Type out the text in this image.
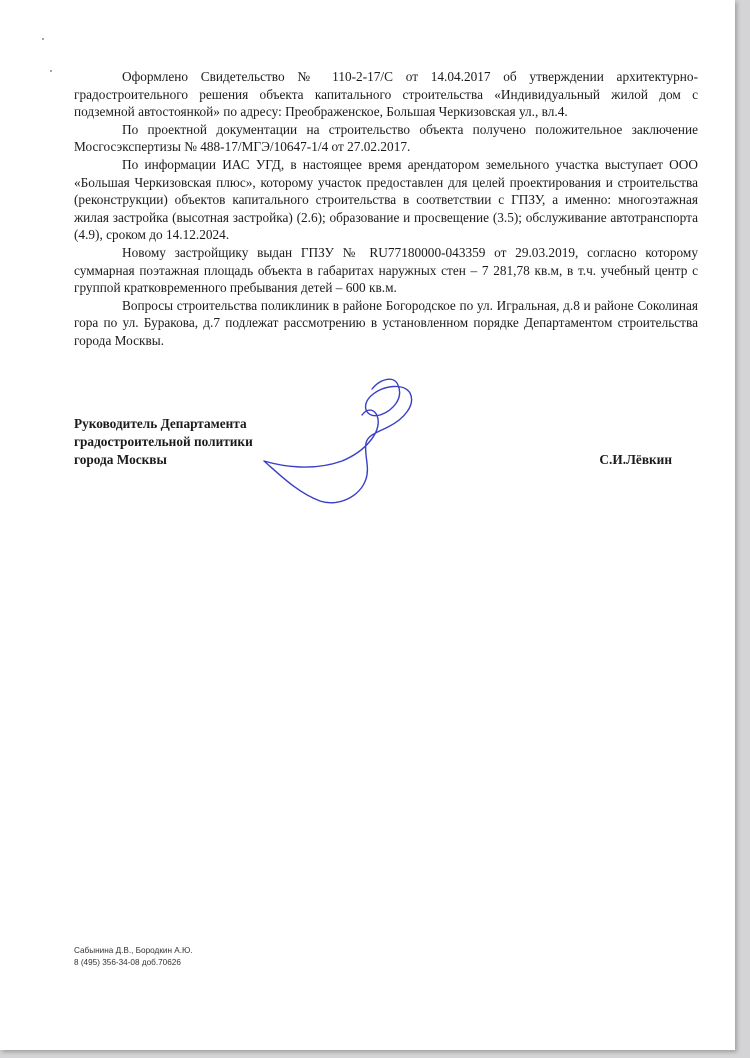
Оформлено Свидетельство № 110-2-17/С от 14.04.2017 об утверждении архитектурно-градостроительного решения объекта капитального строительства «Индивидуальный жилой дом с подземной автостоянкой» по адресу: Преображенское, Большая Черкизовская ул., вл.4.

По проектной документации на строительство объекта получено положительное заключение Мосгосэкспертизы № 488-17/МГЭ/10647-1/4 от 27.02.2017.

По информации ИАС УГД, в настоящее время арендатором земельного участка выступает ООО «Большая Черкизовская плюс», которому участок предоставлен для целей проектирования и строительства (реконструкции) объектов капитального строительства в соответствии с ГПЗУ, а именно: многоэтажная жилая застройка (высотная застройка) (2.6); образование и просвещение (3.5); обслуживание автотранспорта (4.9), сроком до 14.12.2024.

Новому застройщику выдан ГПЗУ № RU77180000-043359 от 29.03.2019, согласно которому суммарная поэтажная площадь объекта в габаритах наружных стен – 7 281,78 кв.м, в т.ч. учебный центр с группой кратковременного пребывания детей – 600 кв.м.

Вопросы строительства поликлиник в районе Богородское по ул. Игральная, д.8 и районе Соколиная гора по ул. Буракова, д.7 подлежат рассмотрению в установленном порядке Департаментом строительства города Москвы.

Руководитель Департамента
градостроительной политики
города Москвы	С.И.Лёвкин
Сабынина Д.В., Бородкин А.Ю.
8 (495) 356-34-08 доб.70626
